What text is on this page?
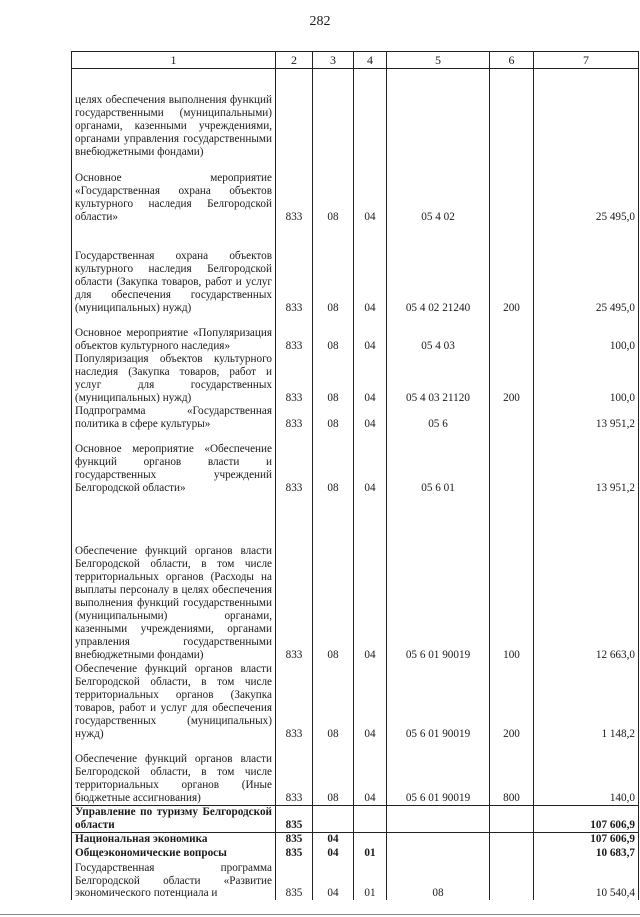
282
1	2	3	4	5	6	7
целях обеспечения выполнения функций государственными (муниципальными) органами, казенными учреждениями, органами управления государственными внебюджетными фондами)						
Основное мероприятие «Государственная охрана объектов культурного наследия Белгородской области»	833	08	04	05 4 02		25 495,0
Государственная охрана объектов культурного наследия Белгородской области (Закупка товаров, работ и услуг для обеспечения государственных (муниципальных) нужд)	833	08	04	05 4 02 21240	200	25 495,0
Основное мероприятие «Популяризация объектов культурного наследия»	833	08	04	05 4 03		100,0
Популяризация объектов культурного наследия (Закупка товаров, работ и услуг для государственных (муниципальных) нужд)	833	08	04	05 4 03 21120	200	100,0
Подпрограмма «Государственная политика в сфере культуры»	833	08	04	05 6		13 951,2
Основное мероприятие «Обеспечение функций органов власти и государственных учреждений Белгородской области»	833	08	04	05 6 01		13 951,2
Обеспечение функций органов власти Белгородской области, в том числе территориальных органов (Расходы на выплаты персоналу в целях обеспечения выполнения функций государственными (муниципальными) органами, казенными учреждениями, органами управления государственными внебюджетными фондами)	833	08	04	05 6 01 90019	100	12 663,0
Обеспечение функций органов власти Белгородской области, в том числе территориальных органов (Закупка товаров, работ и услуг для обеспечения государственных (муниципальных) нужд)	833	08	04	05 6 01 90019	200	1 148,2
Обеспечение функций органов власти Белгородской области, в том числе территориальных органов (Иные бюджетные ассигнования)	833	08	04	05 6 01 90019	800	140,0
Управление по туризму Белгородской области	835					107 606,9
Национальная экономика	835	04				107 606,9
Общеэкономические вопросы	835	04	01			10 683,7
Государственная программа Белгородской области «Развитие экономического потенциала и	835	04	01	08		10 540,4
